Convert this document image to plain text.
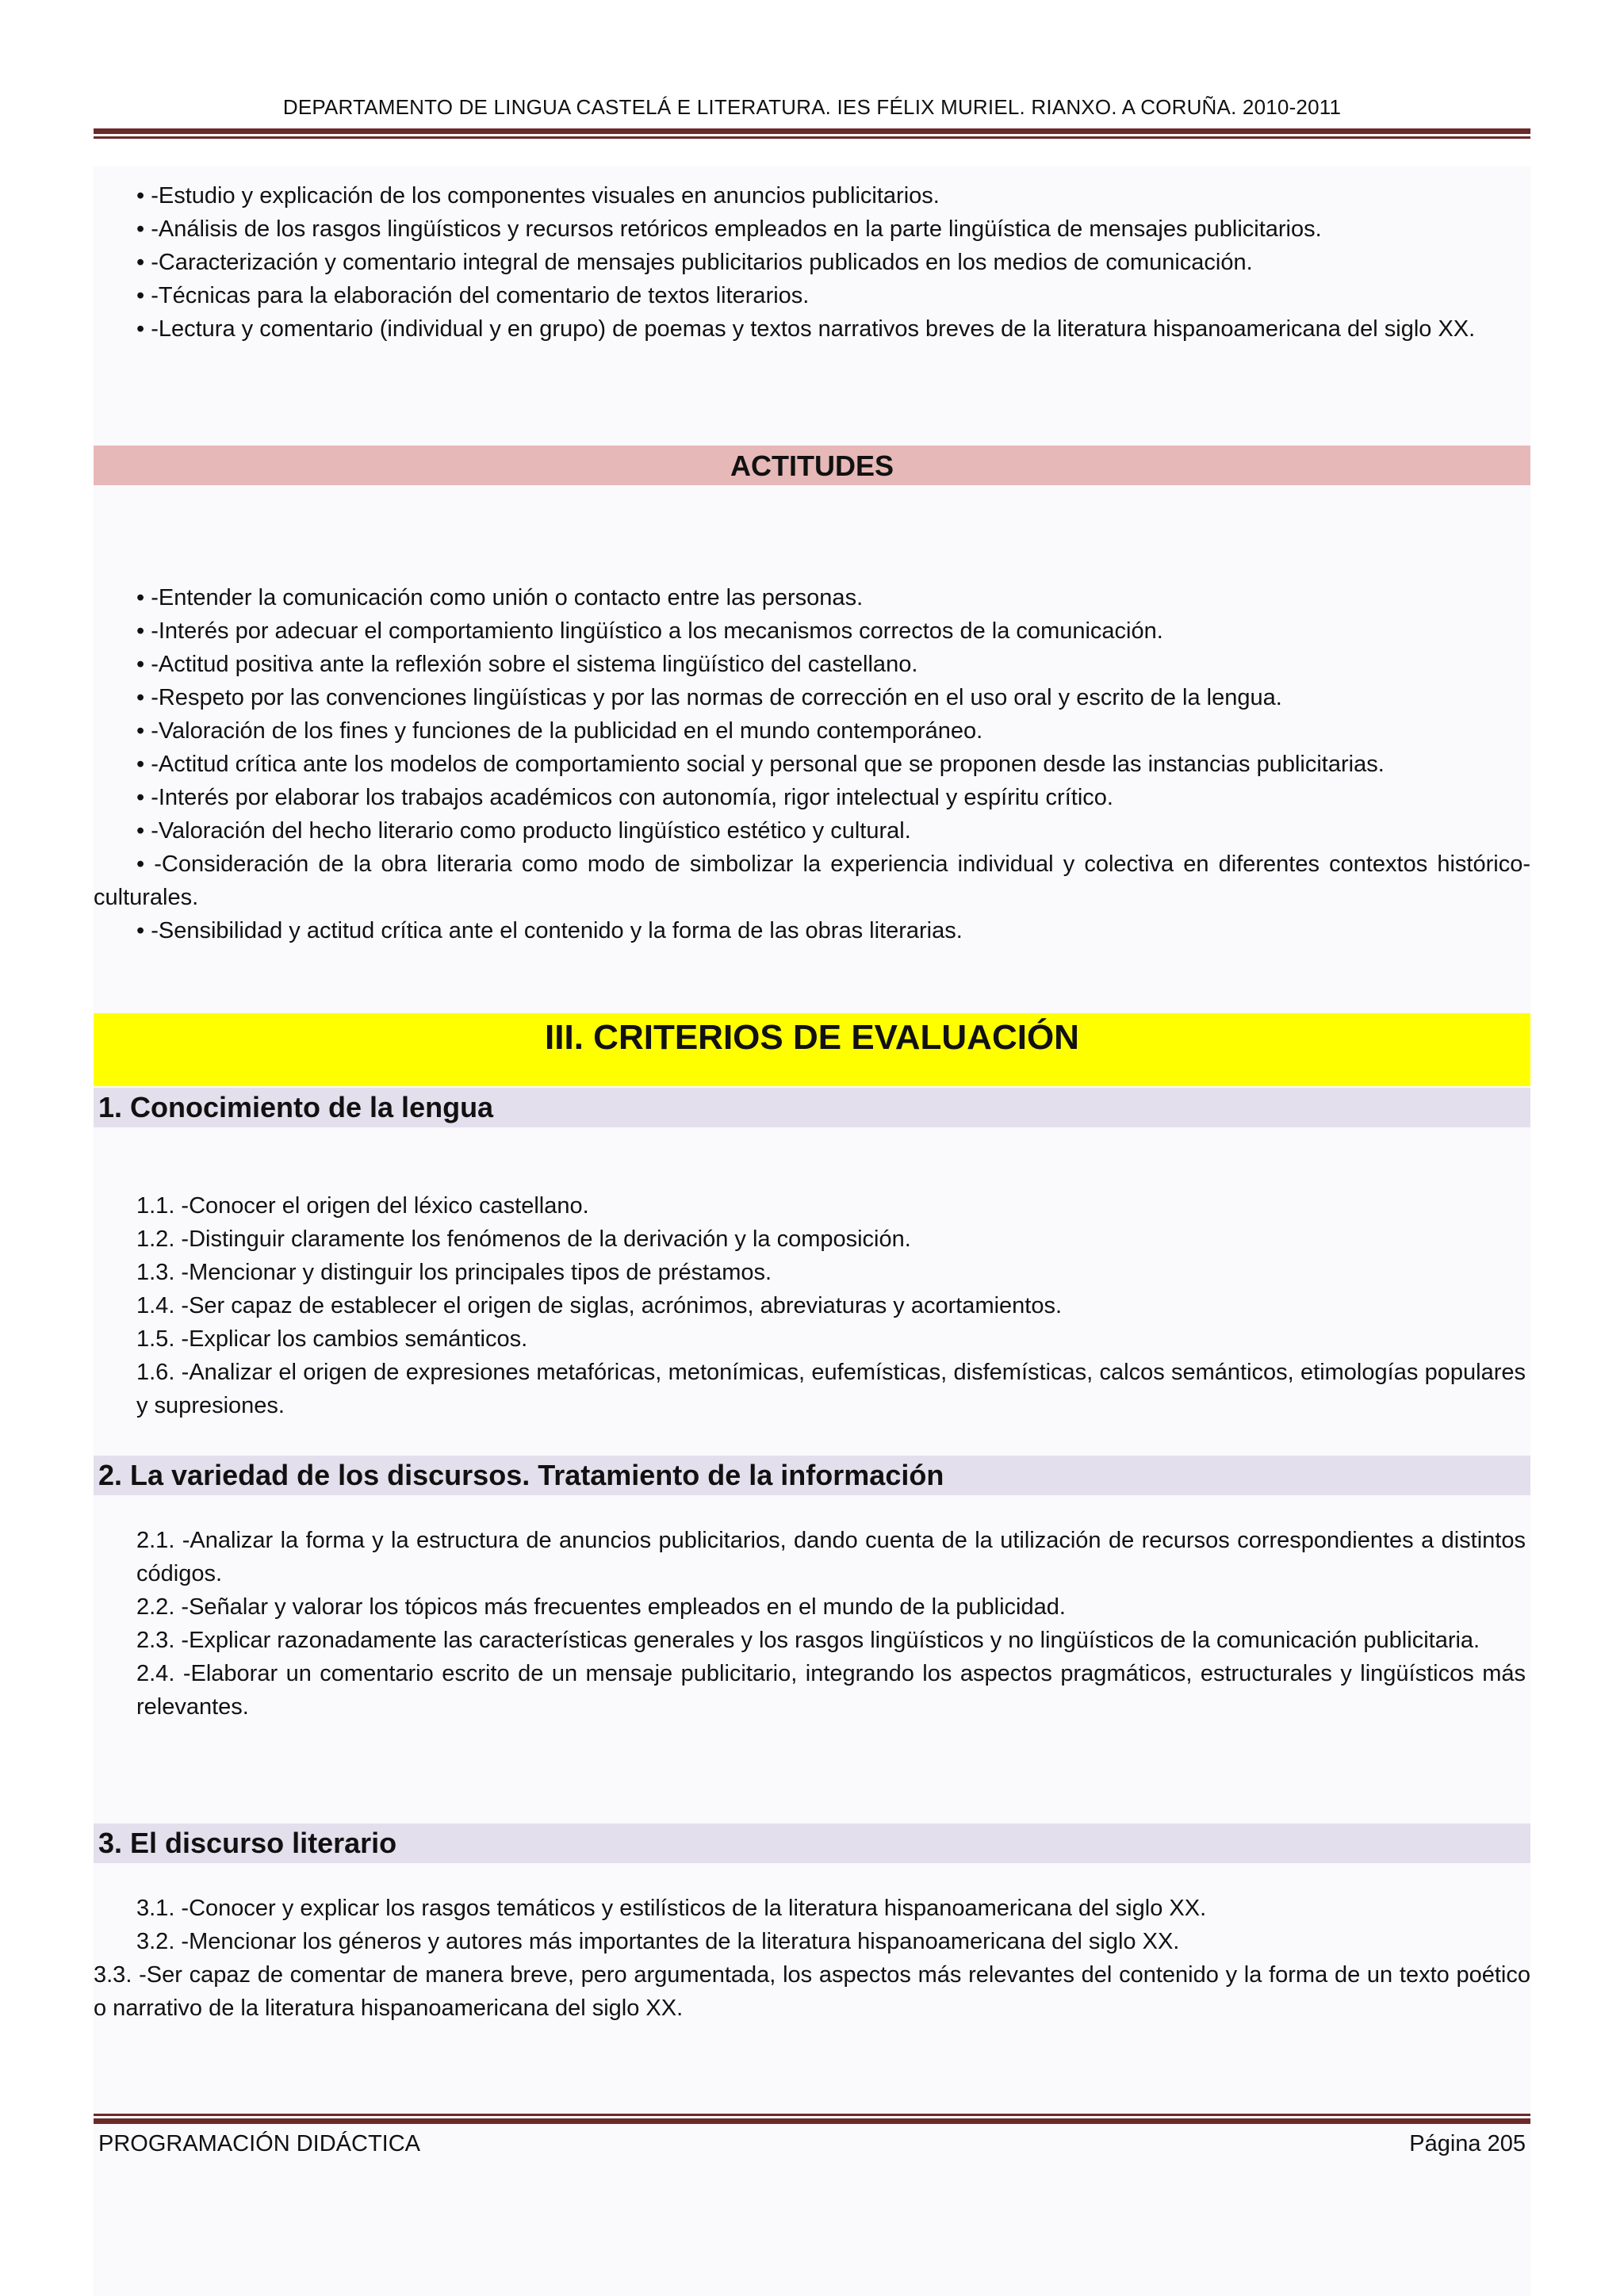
DEPARTAMENTO DE LINGUA CASTELÁ E LITERATURA. IES FÉLIX MURIEL. RIANXO. A CORUÑA. 2010-2011
• -Estudio y explicación de los componentes visuales en anuncios publicitarios.
• -Análisis de los rasgos lingüísticos y recursos retóricos empleados en la parte lingüística de mensajes publicitarios.
• -Caracterización y comentario integral de mensajes publicitarios publicados en los medios de comunicación.
• -Técnicas para la elaboración del comentario de textos literarios.
• -Lectura y comentario (individual y en grupo) de poemas y textos narrativos breves de la literatura hispanoamericana del siglo XX.
ACTITUDES
• -Entender la comunicación como unión o contacto entre las personas.
• -Interés por adecuar el comportamiento lingüístico a los mecanismos correctos de la comunicación.
• -Actitud positiva ante la reflexión sobre el sistema lingüístico del castellano.
• -Respeto por las convenciones lingüísticas y por las normas de corrección en el uso oral y escrito de la lengua.
• -Valoración de los fines y funciones de la publicidad en el mundo contemporáneo.
• -Actitud crítica ante los modelos de comportamiento social y personal que se proponen desde las instancias publicitarias.
• -Interés por elaborar los trabajos académicos con autonomía, rigor intelectual y espíritu crítico.
• -Valoración del hecho literario como producto lingüístico estético y cultural.
• -Consideración de la obra literaria como modo de simbolizar la experiencia individual y colectiva en diferentes contextos histórico-culturales.
• -Sensibilidad y actitud crítica ante el contenido y la forma de las obras literarias.
III. CRITERIOS DE EVALUACIÓN
1. Conocimiento de la lengua
1.1. -Conocer el origen del léxico castellano.
1.2. -Distinguir claramente los fenómenos de la derivación y la composición.
1.3. -Mencionar y distinguir los principales tipos de préstamos.
1.4. -Ser capaz de establecer el origen de siglas, acrónimos, abreviaturas y acortamientos.
1.5. -Explicar los cambios semánticos.
1.6. -Analizar el origen de expresiones metafóricas, metonímicas, eufemísticas, disfemísticas, calcos semánticos, etimologías populares y supresiones.
2. La variedad de los discursos. Tratamiento de la información
2.1. -Analizar la forma y la estructura de anuncios publicitarios, dando cuenta de la utilización de recursos correspondientes a distintos códigos.
2.2. -Señalar y valorar los tópicos más frecuentes empleados en el mundo de la publicidad.
2.3. -Explicar razonadamente las características generales y los rasgos lingüísticos y no lingüísticos de la comunicación publicitaria.
2.4. -Elaborar un comentario escrito de un mensaje publicitario, integrando los aspectos pragmáticos, estructurales y lingüísticos más relevantes.
3. El discurso literario
3.1. -Conocer y explicar los rasgos temáticos y estilísticos de la literatura hispanoamericana del siglo XX.
3.2. -Mencionar los géneros y autores más importantes de la literatura hispanoamericana del siglo XX.
3.3. -Ser capaz de comentar de manera breve, pero argumentada, los aspectos más relevantes del contenido y la forma de un texto poético o narrativo de la literatura hispanoamericana del siglo XX.
PROGRAMACIÓN DIDÁCTICA	Página 205
